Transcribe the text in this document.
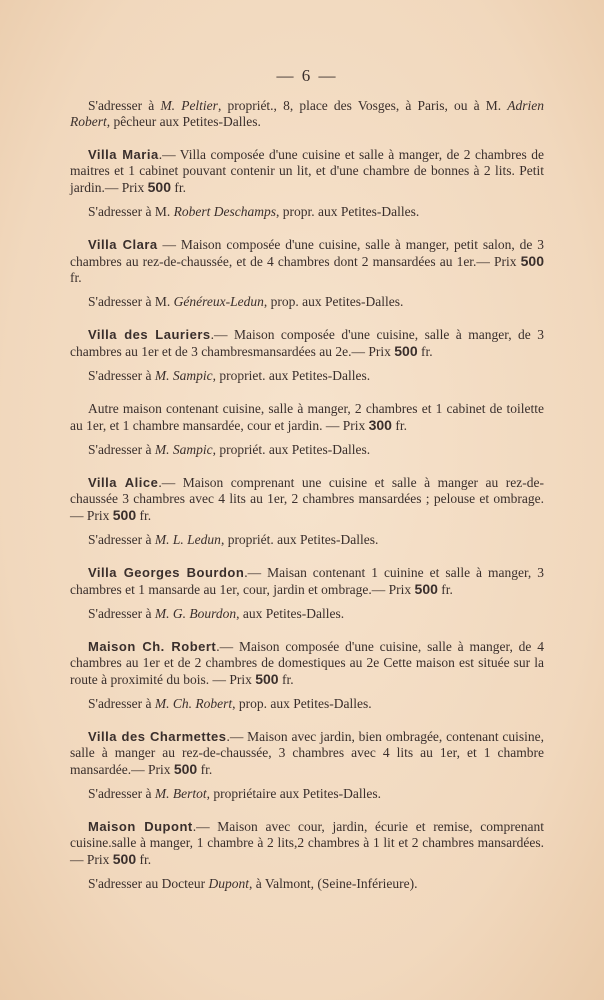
— 6 —

S'adresser à M. Peltier, propriét., 8, place des Vosges, à Paris, ou à M. Adrien Robert, pêcheur aux Petites-Dalles.

Villa Maria.— Villa composée d'une cuisine et salle à manger, de 2 chambres de maitres et 1 cabinet pouvant contenir un lit, et d'une chambre de bonnes à 2 lits. Petit jardin.— Prix 500 fr.

S'adresser à M. Robert Deschamps, propr. aux Petites-Dalles.

Villa Clara — Maison composée d'une cuisine, salle à manger, petit salon, de 3 chambres au rez-de-chaussée, et de 4 chambres dont 2 mansardées au 1er.— Prix 500 fr.

S'adresser à M. Généreux-Ledun, prop. aux Petites-Dalles.

Villa des Lauriers.— Maison composée d'une cuisine, salle à manger, de 3 chambres au 1er et de 3 chambresmansardées au 2e.— Prix 500 fr.

S'adresser à M. Sampic, propriet. aux Petites-Dalles.

Autre maison contenant cuisine, salle à manger, 2 chambres et 1 cabinet de toilette au 1er, et 1 chambre mansardée, cour et jardin. — Prix 300 fr.

S'adresser à M. Sampic, propriét. aux Petites-Dalles.

Villa Alice.— Maison comprenant une cuisine et salle à manger au rez-de-chaussée 3 chambres avec 4 lits au 1er, 2 chambres mansardées ; pelouse et ombrage. — Prix 500 fr.

S'adresser à M. L. Ledun, propriét. aux Petites-Dalles.

Villa Georges Bourdon.— Maisan contenant 1 cuinine et salle à manger, 3 chambres et 1 mansarde au 1er, cour, jardin et ombrage.— Prix 500 fr.

S'adresser à M. G. Bourdon, aux Petites-Dalles.

Maison Ch. Robert.— Maison composée d'une cuisine, salle à manger, de 4 chambres au 1er et de 2 chambres de domestiques au 2e Cette maison est située sur la route à proximité du bois. — Prix 500 fr.

S'adresser à M. Ch. Robert, prop. aux Petites-Dalles.

Villa des Charmettes.— Maison avec jardin, bien ombragée, contenant cuisine, salle à manger au rez-de-chaussée, 3 chambres avec 4 lits au 1er, et 1 chambre mansardée.— Prix 500 fr.

S'adresser à M. Bertot, propriétaire aux Petites-Dalles.

Maison Dupont.— Maison avec cour, jardin, écurie et remise, comprenant cuisine.salle à manger, 1 chambre à 2 lits,2 chambres à 1 lit et 2 chambres mansardées. — Prix 500 fr.

S'adresser au Docteur Dupont, à Valmont, (Seine-Inférieure).
